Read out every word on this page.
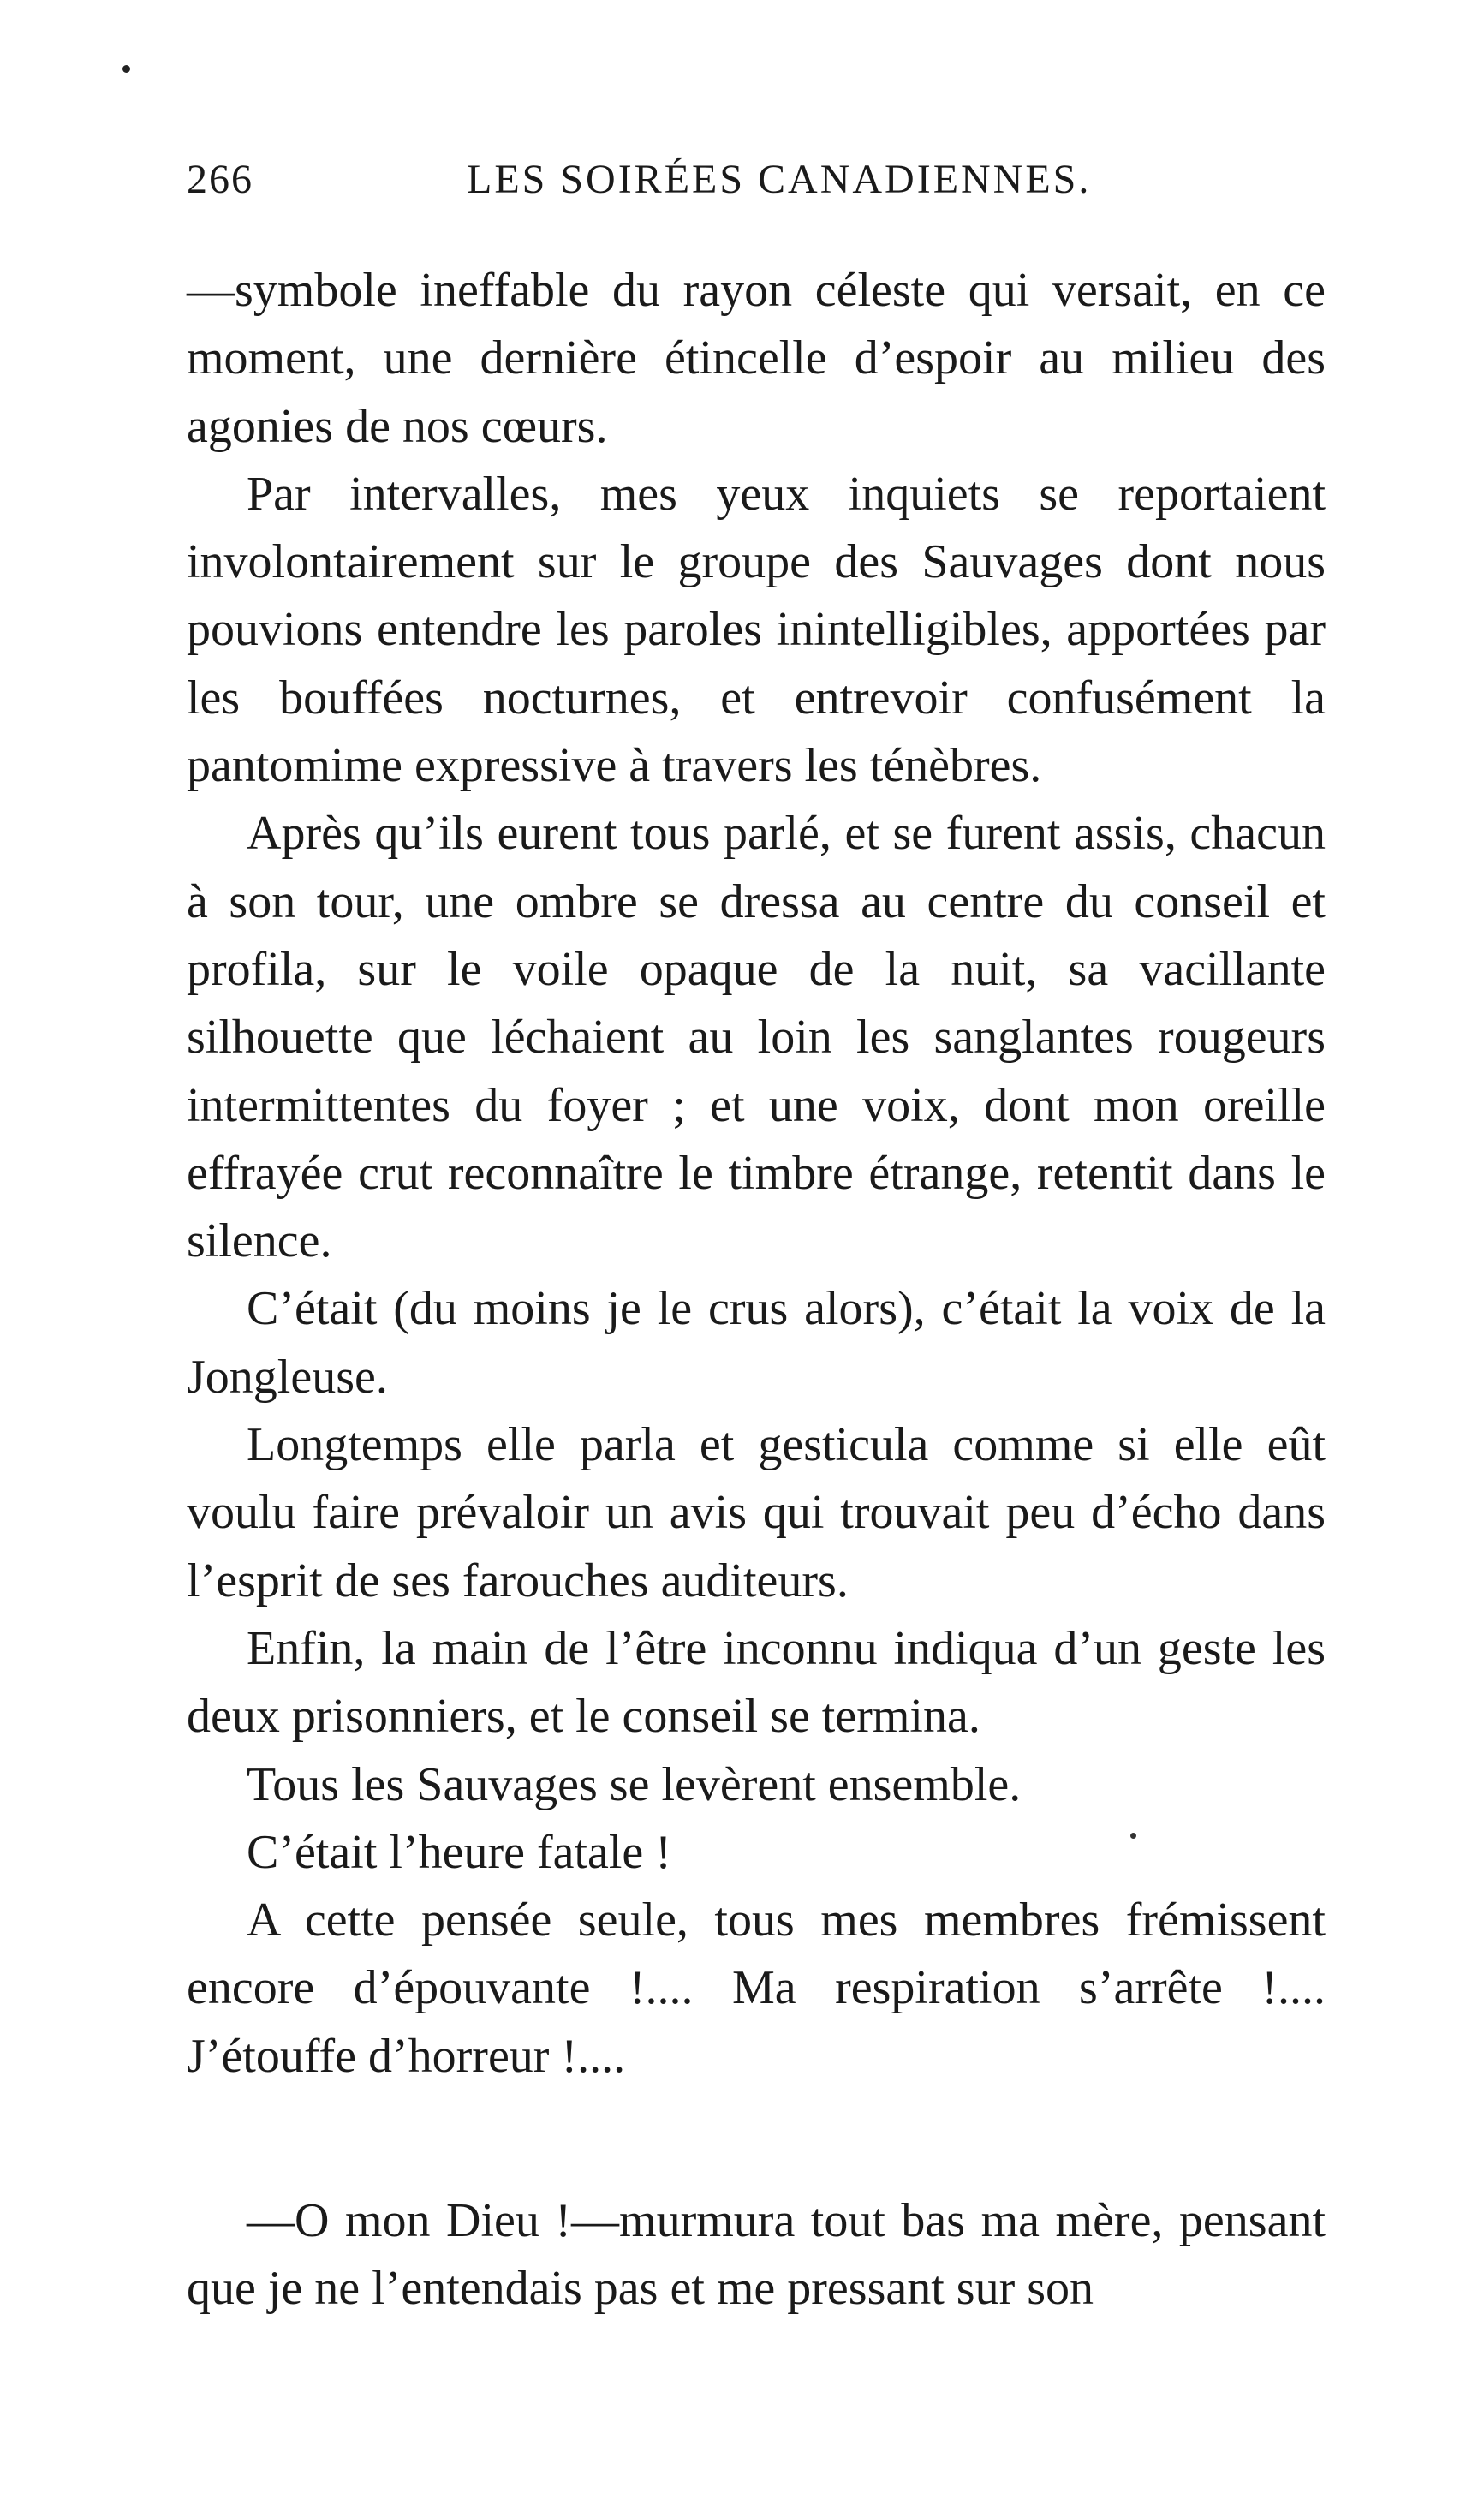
266	LES SOIRÉES CANADIENNES.

—symbole ineffable du rayon céleste qui versait, en ce moment, une dernière étincelle d’espoir au milieu des agonies de nos cœurs.

Par intervalles, mes yeux inquiets se reportaient involontairement sur le groupe des Sauvages dont nous pouvions entendre les paroles inintelligibles, apportées par les bouffées nocturnes, et entrevoir confusément la pantomime expressive à travers les ténèbres.

Après qu’ils eurent tous parlé, et se furent assis, chacun à son tour, une ombre se dressa au centre du conseil et profila, sur le voile opaque de la nuit, sa vacillante silhouette que léchaient au loin les sanglantes rougeurs intermittentes du foyer ; et une voix, dont mon oreille effrayée crut reconnaître le timbre étrange, retentit dans le silence.

C’était (du moins je le crus alors), c’était la voix de la Jongleuse.

Longtemps elle parla et gesticula comme si elle eût voulu faire prévaloir un avis qui trouvait peu d’écho dans l’esprit de ses farouches auditeurs.

Enfin, la main de l’être inconnu indiqua d’un geste les deux prisonniers, et le conseil se termina.

Tous les Sauvages se levèrent ensemble.

C’était l’heure fatale !

A cette pensée seule, tous mes membres frémissent encore d’épouvante !.... Ma respiration s’arrête !.... J’étouffe d’horreur !....

—O mon Dieu !—murmura tout bas ma mère, pensant que je ne l’entendais pas et me pressant sur son
